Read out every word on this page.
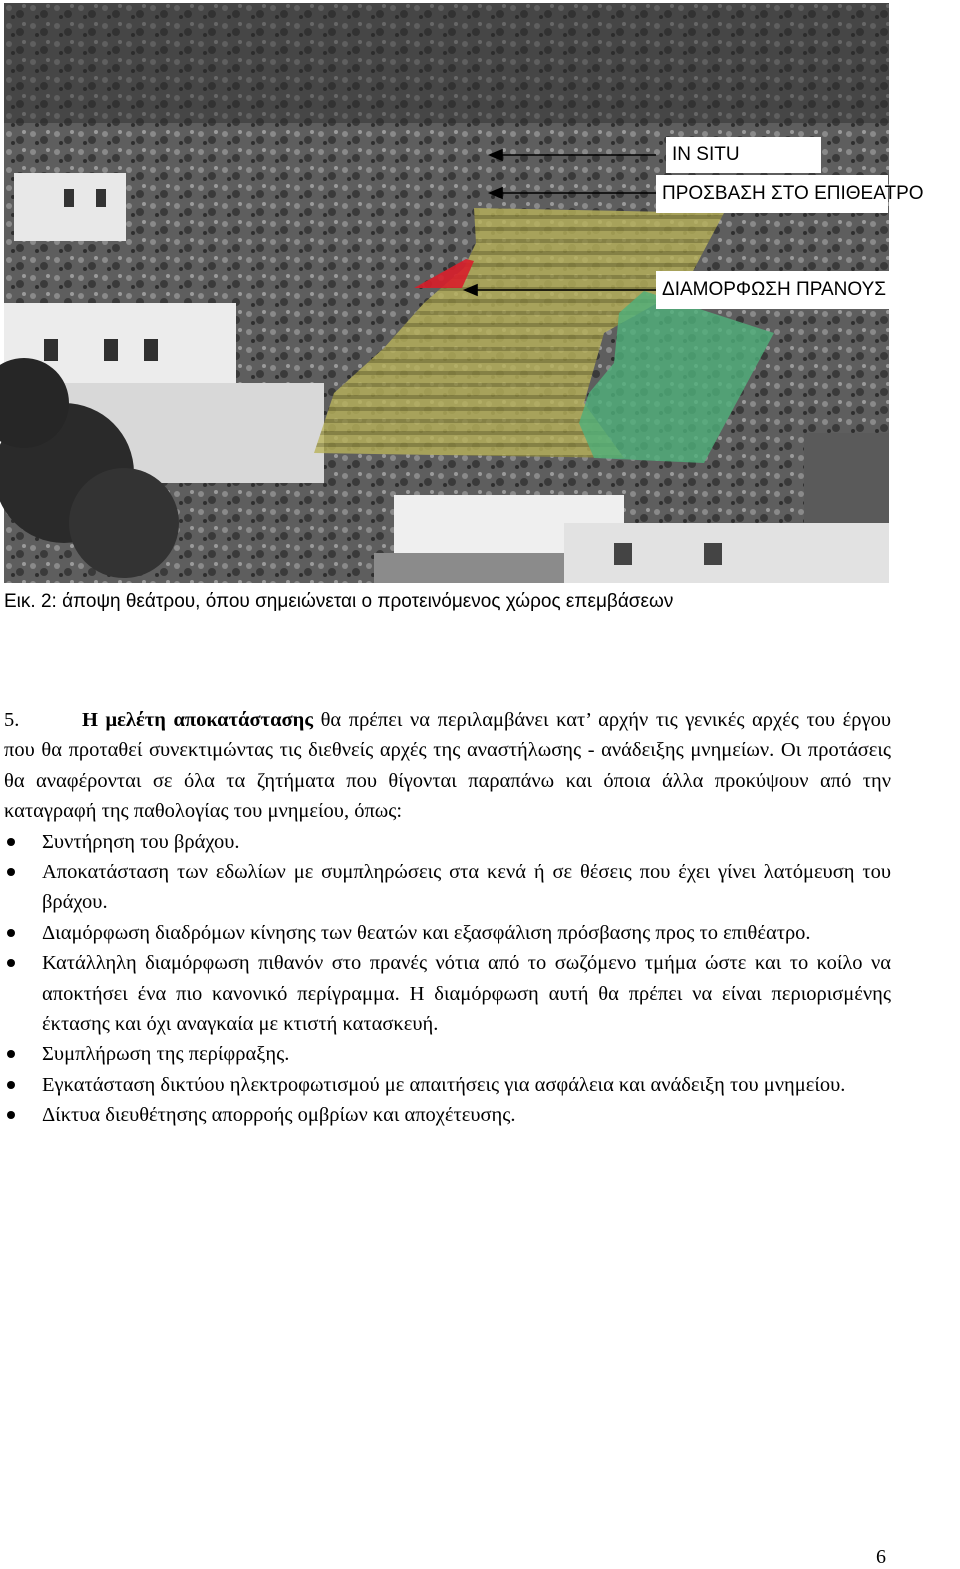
IN SITU
ΠΡΟΣΒΑΣΗ ΣΤΟ ΕΠΙΘΕΑΤΡΟ
ΔΙΑΜΟΡΦΩΣΗ ΠΡΑΝΟΥΣ
Εικ. 2: άποψη θεάτρου, όπου σημειώνεται ο προτεινόμενος χώρος επεμβάσεων
5.	Η μελέτη αποκατάστασης θα πρέπει να περιλαμβάνει κατ’ αρχήν τις γενικές αρχές του έργου που θα προταθεί συνεκτιμώντας τις διεθνείς αρχές της αναστήλωσης - ανάδειξης μνημείων. Οι προτάσεις θα αναφέρονται σε όλα τα ζητήματα που θίγονται παραπάνω και όποια άλλα προκύψουν από την καταγραφή της παθολογίας του μνημείου, όπως:
Συντήρηση του βράχου.
Αποκατάσταση των εδωλίων με συμπληρώσεις στα κενά ή σε θέσεις που έχει γίνει λατόμευση του βράχου.
Διαμόρφωση διαδρόμων κίνησης των θεατών και εξασφάλιση πρόσβασης προς το επιθέατρο.
Κατάλληλη διαμόρφωση πιθανόν στο πρανές νότια από το σωζόμενο τμήμα ώστε και το κοίλο να αποκτήσει ένα πιο κανονικό περίγραμμα. Η διαμόρφωση αυτή θα πρέπει να είναι περιορισμένης έκτασης και όχι αναγκαία με κτιστή κατασκευή.
Συμπλήρωση της περίφραξης.
Εγκατάσταση δικτύου ηλεκτροφωτισμού με απαιτήσεις για ασφάλεια και ανάδειξη του μνημείου.
Δίκτυα διευθέτησης απορροής ομβρίων και αποχέτευσης.
6
